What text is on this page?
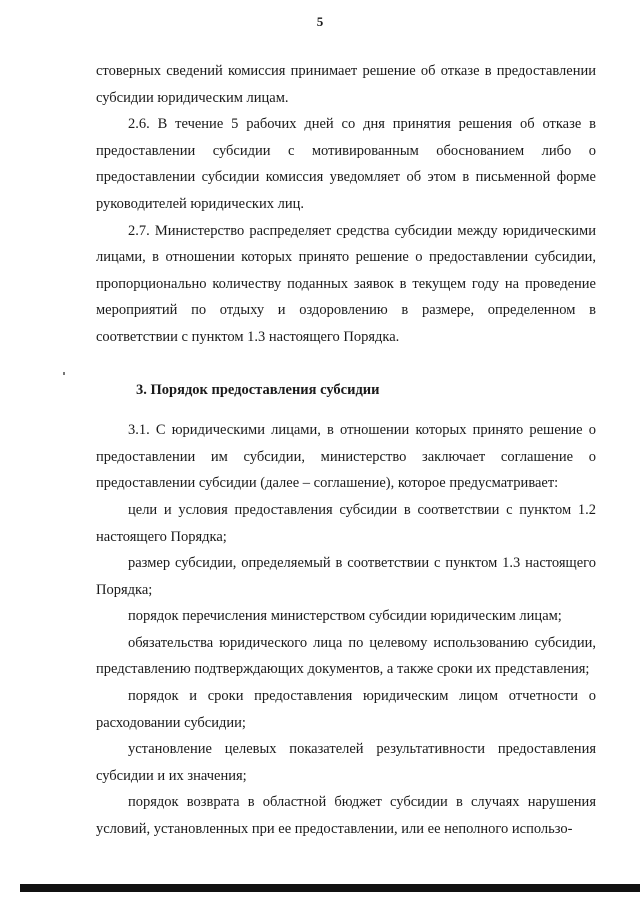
5

стоверных сведений комиссия принимает решение об отказе в предоставлении субсидии юридическим лицам.

2.6. В течение 5 рабочих дней со дня принятия решения об отказе в предоставлении субсидии с мотивированным обоснованием либо о предоставлении субсидии комиссия уведомляет об этом в письменной форме руководителей юридических лиц.

2.7. Министерство распределяет средства субсидии между юридическими лицами, в отношении которых принято решение о предоставлении субсидии, пропорционально количеству поданных заявок в текущем году на проведение мероприятий по отдыху и оздоровлению в размере, определенном в соответствии с пунктом 1.3 настоящего Порядка.

3. Порядок предоставления субсидии

3.1. С юридическими лицами, в отношении которых принято решение о предоставлении им субсидии, министерство заключает соглашение о предоставлении субсидии (далее – соглашение), которое предусматривает:

цели и условия предоставления субсидии в соответствии с пунктом 1.2 настоящего Порядка;

размер субсидии, определяемый в соответствии с пунктом 1.3 настоящего Порядка;

порядок перечисления министерством субсидии юридическим лицам;

обязательства юридического лица по целевому использованию субсидии, представлению подтверждающих документов, а также сроки их представления;

порядок и сроки предоставления юридическим лицом отчетности о расходовании субсидии;

установление целевых показателей результативности предоставления субсидии и их значения;

порядок возврата в областной бюджет субсидии в случаях нарушения условий, установленных при ее предоставлении, или ее неполного использо-
